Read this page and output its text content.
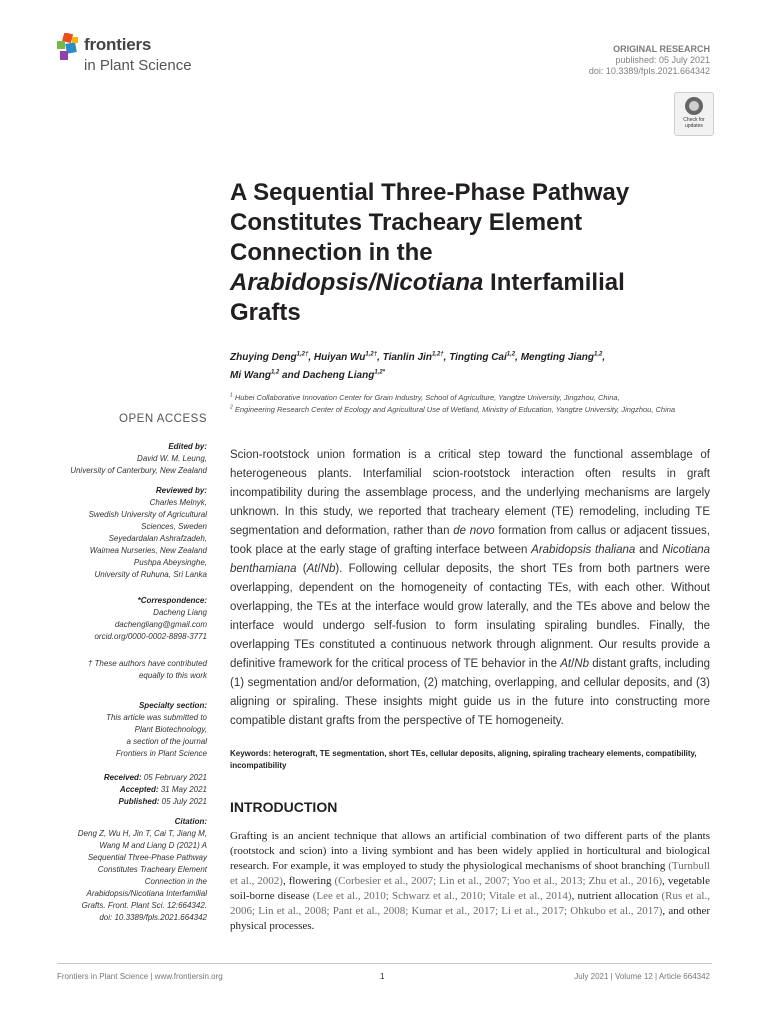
frontiers
in Plant Science
ORIGINAL RESEARCH
published: 05 July 2021
doi: 10.3389/fpls.2021.664342
Check for
updates
A Sequential Three-Phase Pathway
Constitutes Tracheary Element
Connection in the
Arabidopsis/Nicotiana Interfamilial
Grafts
Zhuying Deng$^{1,2\dagger}$, Huiyan $Wu^{1,2\dagger}$, Tianlin Jin$^{1,2\dagger}$, Tingting Cai$^{1,2}$, Mengting Jiang$^{1,2}$,
Mi Wang$^{1,2}$ and Dacheng Liang$^{1,2*}$
$^1$ Hubei Collaborative Innovation Center for Grain Industry, School of Agriculture, Yangtze University, Jingzhou, China,
$^2$ Engineering Research Center of Ecology and Agricultural Use of Wetland, Ministry of Education, Yangtze University, Jingzhou, China
OPEN ACCESS
Edited by:
David W. M. Leung,
University of Canterbury, New Zealand
Reviewed by:
Charles Melnyk,
Swedish University of Agricultural
Sciences, Sweden
Seyedardalan Ashrafzadeh,
Waimea Nurseries, New Zealand
Pushpa Abeysinghe,
University of Ruhuna, Sri Lanka
*Correspondence:
Dacheng Liang
dachengliang@gmail.com
orcid.org/0000-0002-8898-3771
† These authors have contributed
equally to this work
Specialty section:
This article was submitted to
Plant Biotechnology,
a section of the journal
Frontiers in Plant Science
Received: 05 February 2021
Accepted: 31 May 2021
Published: 05 July 2021
Citation:
Deng Z, Wu H, Jin T, Cai T, Jiang M,
Wang M and Liang D (2021) A
Sequential Three-Phase Pathway
Constitutes Tracheary Element
Connection in the
Arabidopsis/Nicotiana Interfamilial
Grafts. Front. Plant Sci. 12:664342.
doi: 10.3389/fpls.2021.664342
Scion-rootstock union formation is a critical step toward the functional assemblage of heterogeneous plants. Interfamilial scion-rootstock interaction often results in graft incompatibility during the assemblage process, and the underlying mechanisms are largely unknown. In this study, we reported that tracheary element (TE) remodeling, including TE segmentation and deformation, rather than de novo formation from callus or adjacent tissues, took place at the early stage of grafting interface between Arabidopsis thaliana and Nicotiana benthamiana (At/Nb). Following cellular deposits, the short TEs from both partners were overlapping, dependent on the homogeneity of contacting TEs, with each other. Without overlapping, the TEs at the interface would grow laterally, and the TEs above and below the interface would undergo self-fusion to form insulating spiraling bundles. Finally, the overlapping TEs constituted a continuous network through alignment. Our results provide a definitive framework for the critical process of TE behavior in the At/Nb distant grafts, including (1) segmentation and/or deformation, (2) matching, overlapping, and cellular deposits, and (3) aligning or spiraling. These insights might guide us in the future into constructing more compatible distant grafts from the perspective of TE homogeneity.
Keywords: heterograft, TE segmentation, short TEs, cellular deposits, aligning, spiraling tracheary elements, compatibility, incompatibility
INTRODUCTION
Grafting is an ancient technique that allows an artificial combination of two different parts of the plants (rootstock and scion) into a living symbiont and has been widely applied in horticultural and biological research. For example, it was employed to study the physiological mechanisms of shoot branching (Turnbull et al., 2002), flowering (Corbesier et al., 2007; Lin et al., 2007; Yoo et al., 2013; Zhu et al., 2016), vegetable soil-borne disease (Lee et al., 2010; Schwarz et al., 2010; Vitale et al., 2014), nutrient allocation (Rus et al., 2006; Lin et al., 2008; Pant et al., 2008; Kumar et al., 2017; Li et al., 2017; Ohkubo et al., 2017), and other physical processes.
Frontiers in Plant Science | www.frontiersin.org	1	July 2021 | Volume 12 | Article 664342
